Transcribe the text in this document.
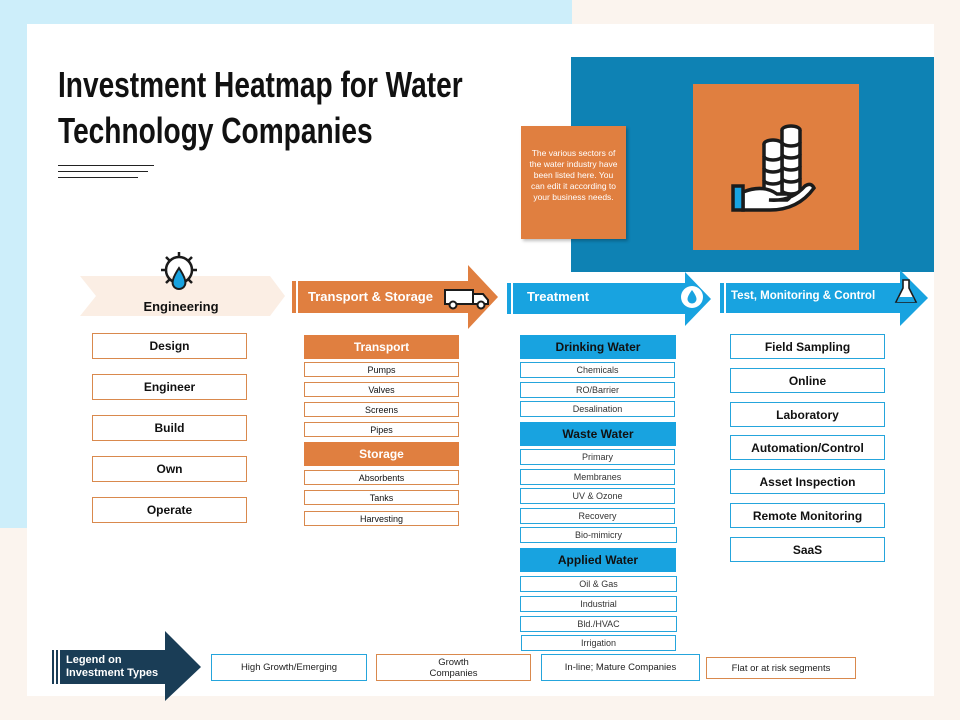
The various sectors of the water industry have been listed here. You can edit it according to your business needs.
Investment Heatmap for Water
Technology Companies
Engineering
Transport & Storage	Treatment	Test, Monitoring & Control
Design
Engineer
Build
Own
Operate
Transport
Pumps
Valves
Screens
Pipes
Storage
Absorbents
Tanks
Harvesting
Drinking Water
Chemicals
RO/Barrier
Desalination
Waste Water
Primary
Membranes
UV & Ozone
Recovery
Bio-mimicry
Applied Water
Oil & Gas
Industrial
Bld./HVAC
Irrigation
Field Sampling
Online
Laboratory
Automation/Control
Asset Inspection
Remote Monitoring
SaaS
Legend on
Investment Types	High Growth/Emerging	Growth
Companies	In-line; Mature Companies	Flat or at risk segments
